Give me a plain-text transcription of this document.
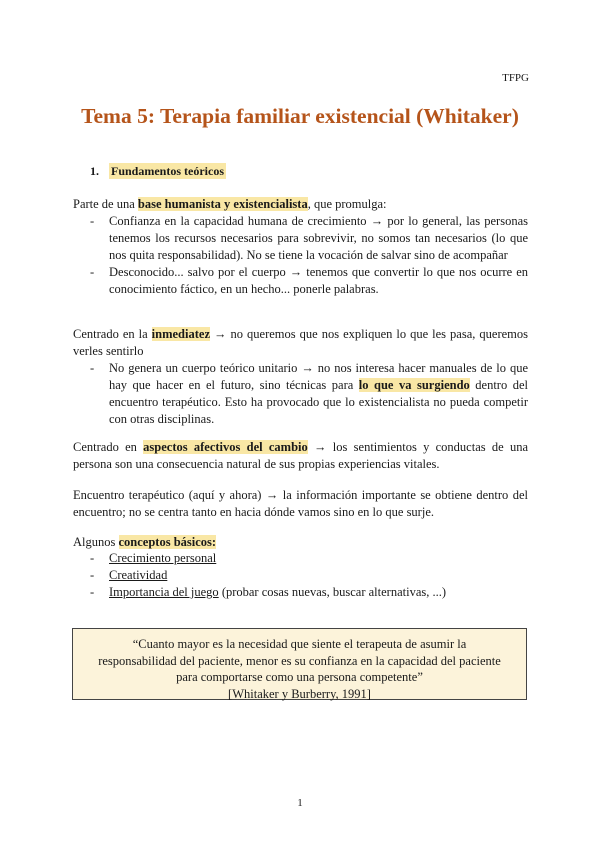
TFPG
Tema 5: Terapia familiar existencial (Whitaker)
1. Fundamentos teóricos

Parte de una base humanista y existencialista, que promulga:

- Confianza en la capacidad humana de crecimiento → por lo general, las personas tenemos los recursos necesarios para sobrevivir, no somos tan necesarios (lo que nos quita responsabilidad). No se tiene la vocación de salvar sino de acompañar
- Desconocido... salvo por el cuerpo → tenemos que convertir lo que nos ocurre en conocimiento fáctico, en un hecho... ponerle palabras.

Centrado en la inmediatez → no queremos que nos expliquen lo que les pasa, queremos verles sentirlo

- No genera un cuerpo teórico unitario → no nos interesa hacer manuales de lo que hay que hacer en el futuro, sino técnicas para lo que va surgiendo dentro del encuentro terapéutico. Esto ha provocado que lo existencialista no pueda competir con otras disciplinas.

Centrado en aspectos afectivos del cambio → los sentimientos y conductas de una persona son una consecuencia natural de sus propias experiencias vitales.

Encuentro terapéutico (aquí y ahora) → la información importante se obtiene dentro del encuentro; no se centra tanto en hacia dónde vamos sino en lo que surje.

Algunos conceptos básicos:

- Crecimiento personal
- Creatividad
- Importancia del juego (probar cosas nuevas, buscar alternativas, ...)
“Cuanto mayor es la necesidad que siente el terapeuta de asumir la
responsabilidad del paciente, menor es su confianza en la capacidad del paciente
para comportarse como una persona competente”
[Whitaker y Burberry, 1991]
1
